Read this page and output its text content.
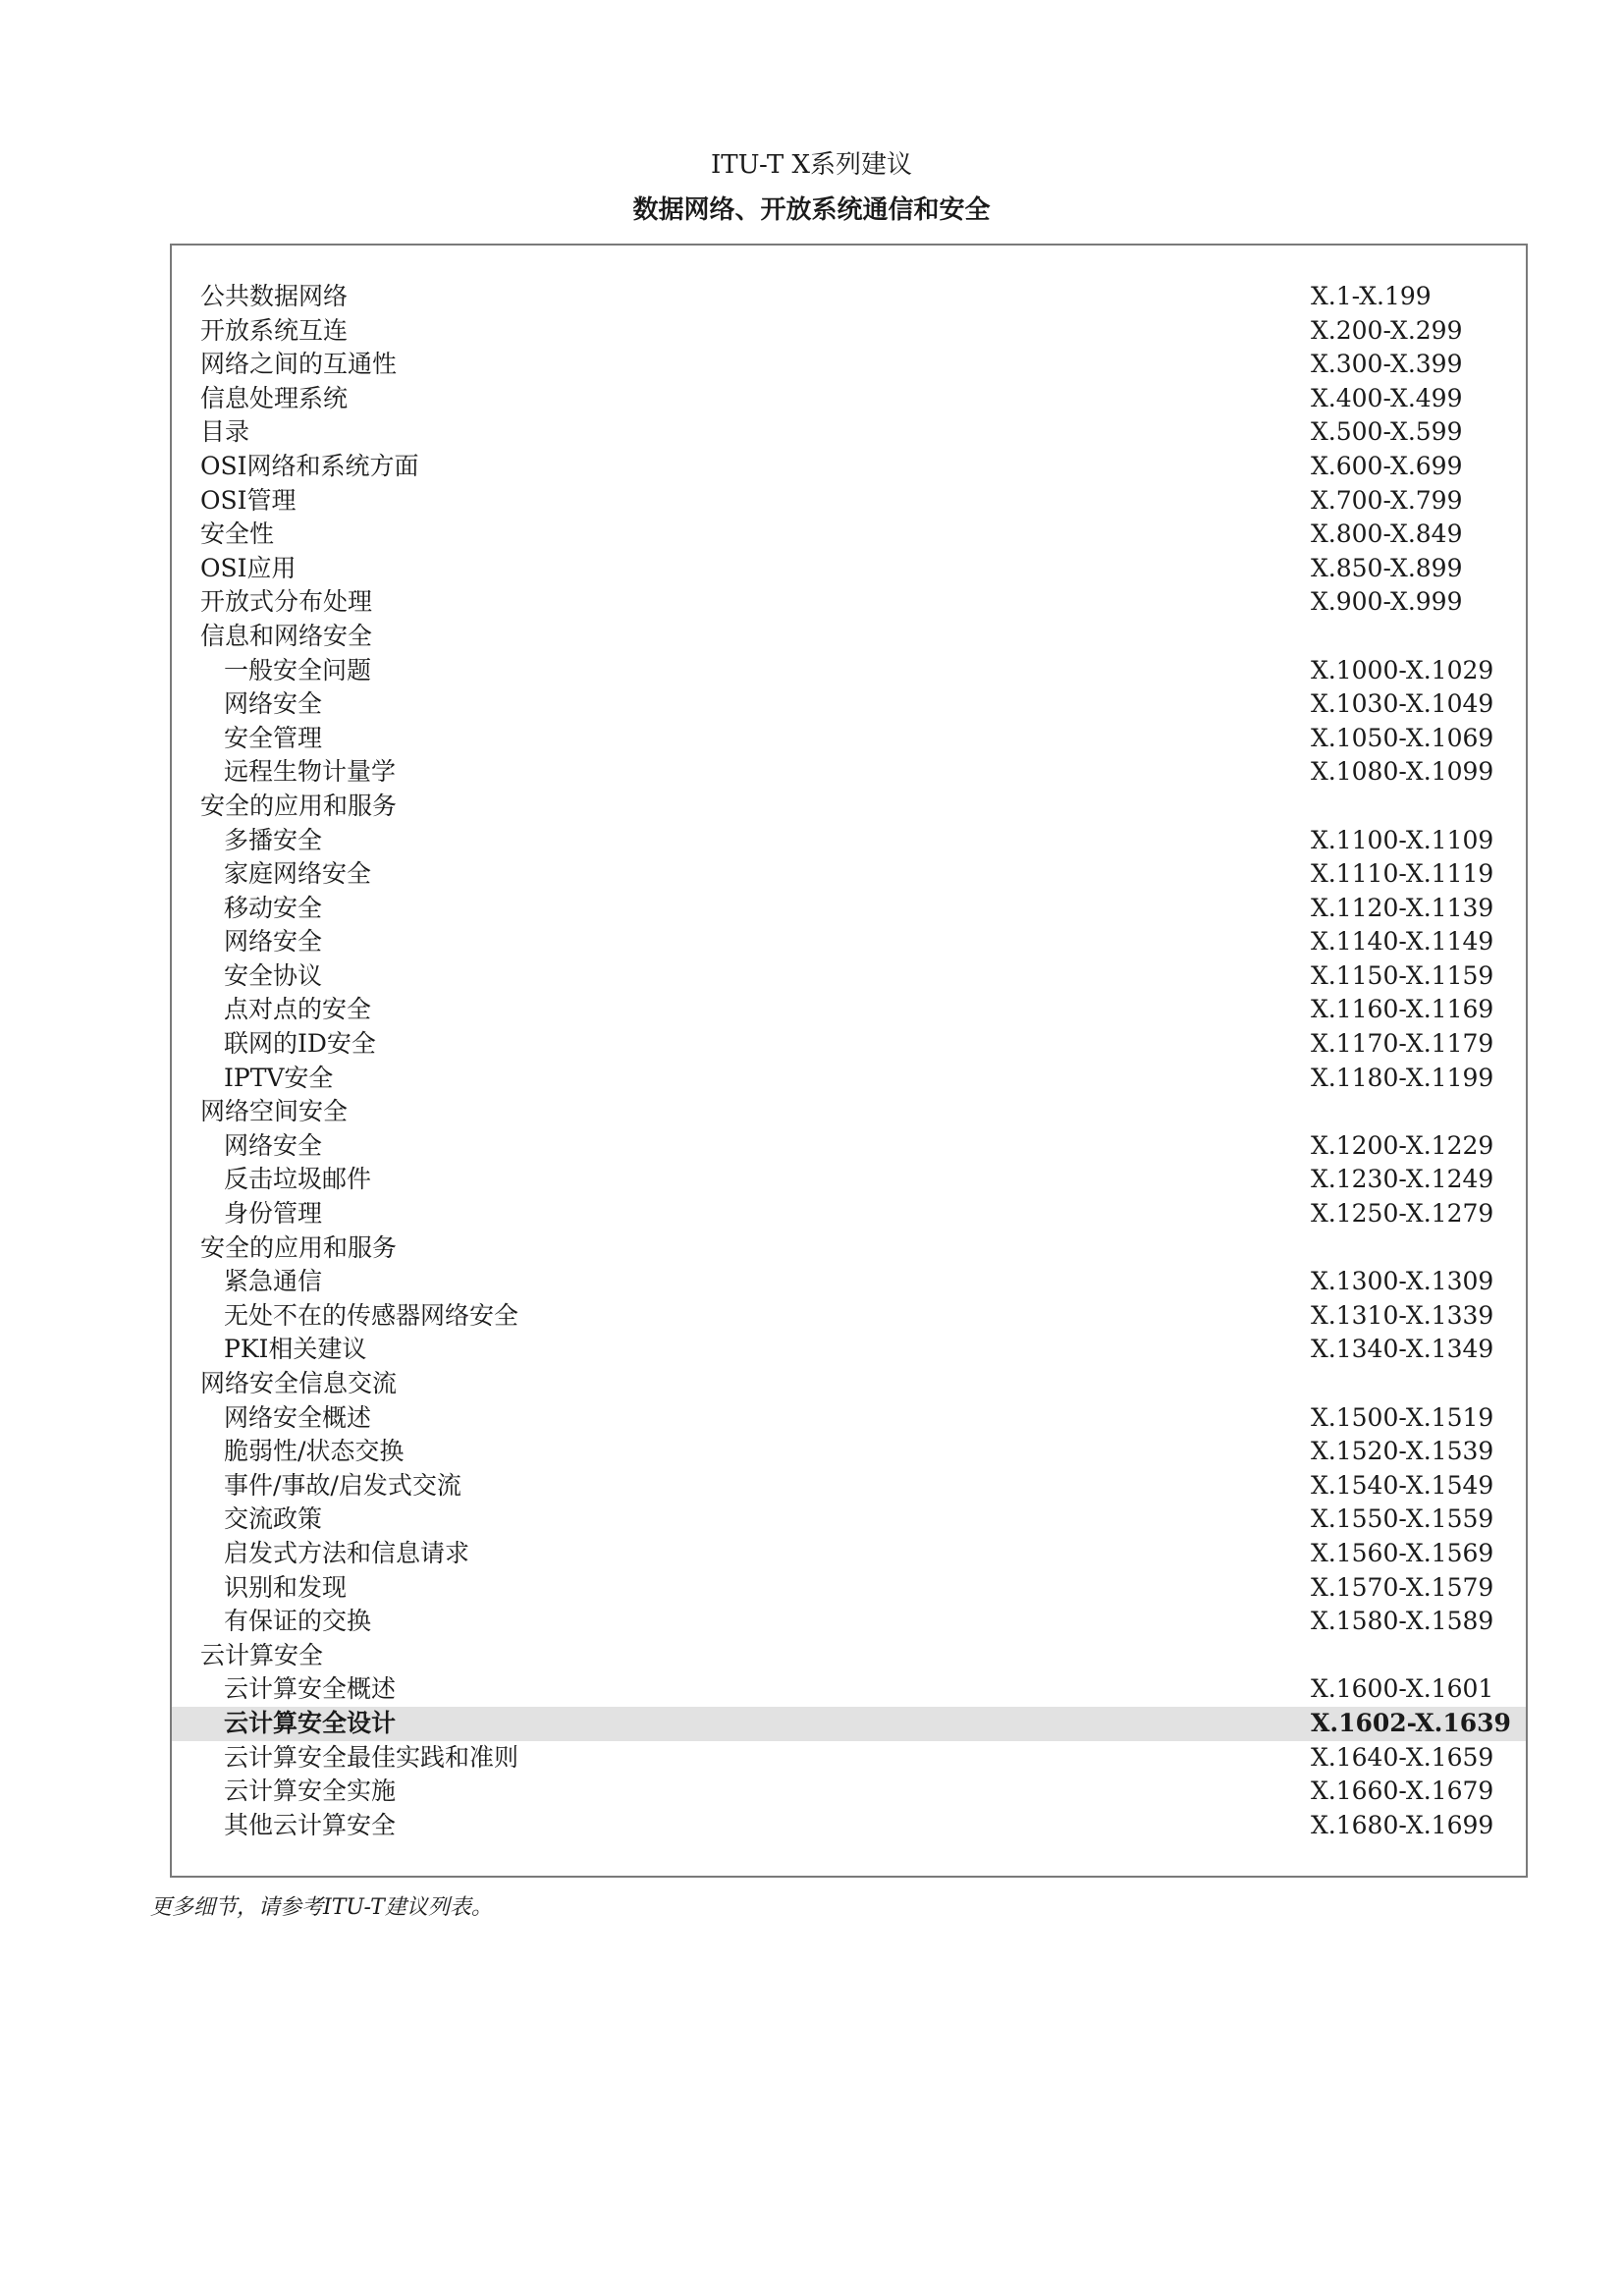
ITU-T X系列建议
数据网络、开放系统通信和安全
公共数据网络	X.1-X.199
开放系统互连	X.200-X.299
网络之间的互通性	X.300-X.399
信息处理系统	X.400-X.499
目录	X.500-X.599
OSI网络和系统方面	X.600-X.699
OSI管理	X.700-X.799
安全性	X.800-X.849
OSI应用	X.850-X.899
开放式分布处理	X.900-X.999
信息和网络安全
一般安全问题	X.1000-X.1029
网络安全	X.1030-X.1049
安全管理	X.1050-X.1069
远程生物计量学	X.1080-X.1099
安全的应用和服务
多播安全	X.1100-X.1109
家庭网络安全	X.1110-X.1119
移动安全	X.1120-X.1139
网络安全	X.1140-X.1149
安全协议	X.1150-X.1159
点对点的安全	X.1160-X.1169
联网的ID安全	X.1170-X.1179
IPTV安全	X.1180-X.1199
网络空间安全
网络安全	X.1200-X.1229
反击垃圾邮件	X.1230-X.1249
身份管理	X.1250-X.1279
安全的应用和服务
紧急通信	X.1300-X.1309
无处不在的传感器网络安全	X.1310-X.1339
PKI相关建议	X.1340-X.1349
网络安全信息交流
网络安全概述	X.1500-X.1519
脆弱性/状态交换	X.1520-X.1539
事件/事故/启发式交流	X.1540-X.1549
交流政策	X.1550-X.1559
启发式方法和信息请求	X.1560-X.1569
识别和发现	X.1570-X.1579
有保证的交换	X.1580-X.1589
云计算安全
云计算安全概述	X.1600-X.1601
云计算安全设计	X.1602-X.1639
云计算安全最佳实践和准则	X.1640-X.1659
云计算安全实施	X.1660-X.1679
其他云计算安全	X.1680-X.1699
更多细节，请参考ITU-T建议列表。
